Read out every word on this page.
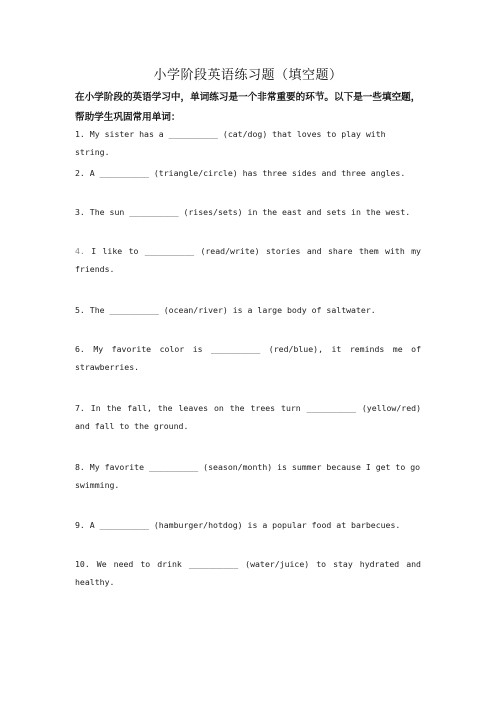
小学阶段英语练习题（填空题）
在小学阶段的英语学习中，单词练习是一个非常重要的环节。以下是一些填空题，帮助学生巩固常用单词：
1. My sister has a __________ (cat/dog) that loves to play with string.
2. A __________ (triangle/circle) has three sides and three angles.
3. The sun __________ (rises/sets) in the east and sets in the west.
4. I like to __________ (read/write) stories and share them with my friends.
5. The __________ (ocean/river) is a large body of saltwater.
6. My favorite color is __________ (red/blue), it reminds me of strawberries.
7. In the fall, the leaves on the trees turn __________ (yellow/red) and fall to the ground.
8. My favorite __________ (season/month) is summer because I get to go swimming.
9. A __________ (hamburger/hotdog) is a popular food at barbecues.
10. We need to drink __________ (water/juice) to stay hydrated and healthy.
